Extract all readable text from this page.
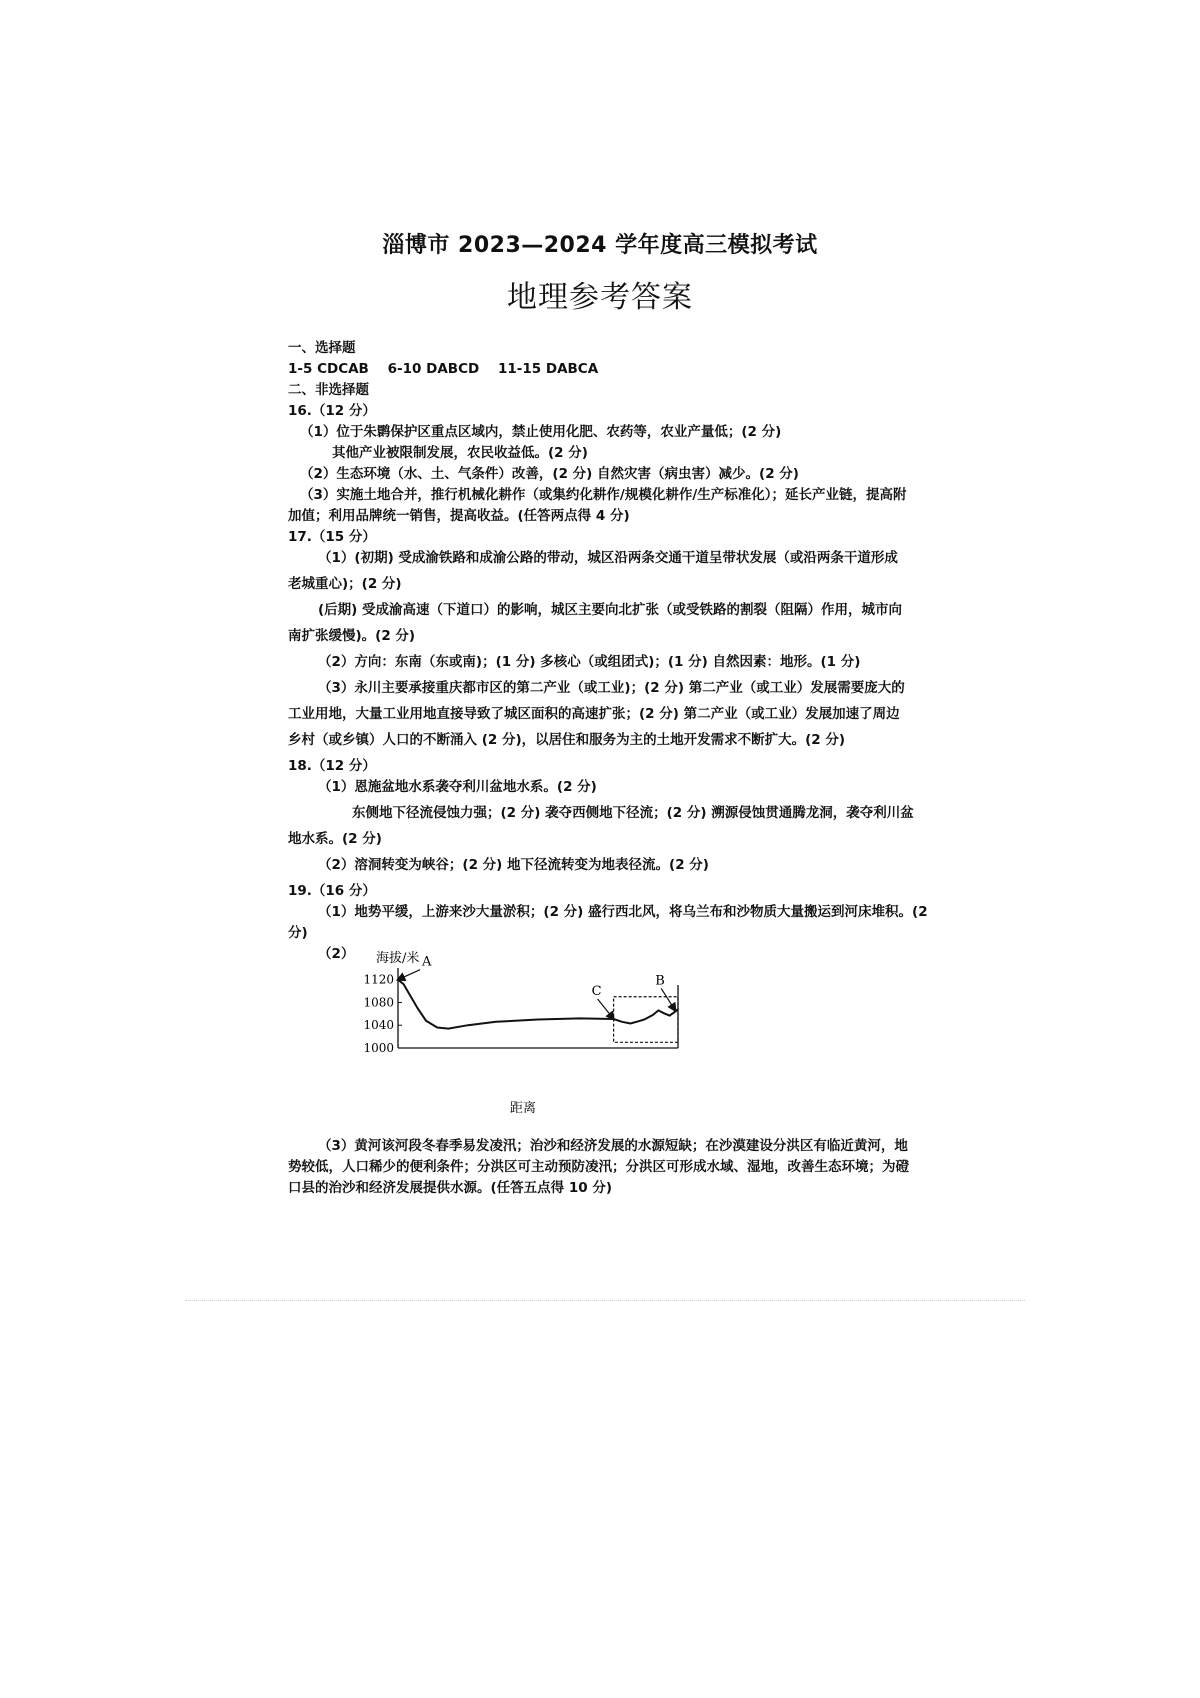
淄博市 2023—2024 学年度高三模拟考试
地理参考答案
一、选择题
1-5 CDCAB    6-10 DABCD    11-15 DABCA
二、非选择题
16.（12 分）
（1）位于朱鹮保护区重点区域内，禁止使用化肥、农药等，农业产量低；(2 分)
其他产业被限制发展，农民收益低。(2 分)
（2）生态环境（水、土、气条件）改善，(2 分) 自然灾害（病虫害）减少。(2 分)
（3）实施土地合并，推行机械化耕作（或集约化耕作/规模化耕作/生产标准化）；延长产业链，提高附
加值；利用品牌统一销售，提高收益。(任答两点得 4 分)
17.（15 分）
（1）(初期) 受成渝铁路和成渝公路的带动，城区沿两条交通干道呈带状发展（或沿两条干道形成
老城重心)；(2 分)
(后期) 受成渝高速（下道口）的影响，城区主要向北扩张（或受铁路的割裂（阻隔）作用，城市向
南扩张缓慢)。(2 分)
（2）方向：东南（东或南)；(1 分) 多核心（或组团式)；(1 分) 自然因素：地形。(1 分)
（3）永川主要承接重庆都市区的第二产业（或工业)；(2 分) 第二产业（或工业）发展需要庞大的
工业用地，大量工业用地直接导致了城区面积的高速扩张；(2 分) 第二产业（或工业）发展加速了周边
乡村（或乡镇）人口的不断涌入 (2 分)，以居住和服务为主的土地开发需求不断扩大。(2 分)
18.（12 分）
（1）恩施盆地水系袭夺利川盆地水系。(2 分)
东侧地下径流侵蚀力强；(2 分) 袭夺西侧地下径流；(2 分) 溯源侵蚀贯通腾龙洞，袭夺利川盆
地水系。(2 分)
（2）溶洞转变为峡谷；(2 分) 地下径流转变为地表径流。(2 分)
19.（16 分）
（1）地势平缓，上游来沙大量淤积；(2 分) 盛行西北风，将乌兰布和沙物质大量搬运到河床堆积。(2
分)
（2）	海拔/米
距离
1120
1080
1040
1000
A
C
B
（3）黄河该河段冬春季易发凌汛；治沙和经济发展的水源短缺；在沙漠建设分洪区有临近黄河，地
势较低，人口稀少的便利条件；分洪区可主动预防凌汛；分洪区可形成水域、湿地，改善生态环境；为磴
口县的治沙和经济发展提供水源。(任答五点得 10 分)
